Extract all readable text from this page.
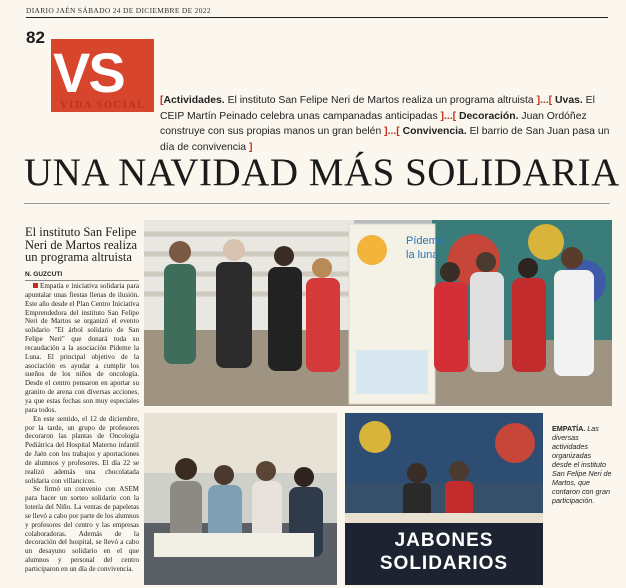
DIARIO JAÉN SÁBADO 24 DE DICIEMBRE DE 2022
82
VS
VIDA SOCIAL	[Actividades. El instituto San Felipe Neri de Martos realiza un programa altruista ]...[ Uvas. El CEIP Martín Peinado celebra unas campanadas anticipadas ]...[ Decoración. Juan Ordóñez construye con sus propias manos un gran belén ]...[ Convivencia. El barrio de San Juan pasa un día de convivencia ]
UNA NAVIDAD MÁS SOLIDARIA
El instituto San Felipe Neri de Martos realiza un programa altruista
N. GUZCUTI

Empatía e iniciativa solidaria para apuntalar unas fiestas llenas de ilusión. Este año desde el Plan Centro Iniciativa Emprendedora del instituto San Felipe Neri de Martos se organizó el evento solidario "El árbol solidario de San Felipe Neri" que donará toda su recaudación a la asociación Pídeme la Luna. El principal objetivo de la asociación es ayudar a cumplir los sueños de los niños de oncología. Desde el centro pensaron en aportar su granito de arena con diversas acciones, ya que estas fechas son muy especiales para todos.

En este sentido, el 12 de diciembre, por la tarde, un grupo de profesores decoraron las plantas de Oncología Pediátrica del Hospital Materno infantil de Jaén con los trabajos y aportaciones de alumnos y profesores. El día 22 se realizó además una chocolatada solidaria con villancicos.

Se firmó un convenio con ASEM para hacer un sorteo solidario con la lotería del Niño. La ventas de papeletas se llevó a cabo por parte de los alumnos y profesores del centro y las empresas colaboradoras. Además de la decoración del hospital, se llevó a cabo un desayuno solidario en el que alumnos y personal del centro participaron en un día de convivencia.

Pídeme
la luna
JABONES
SOLIDARIOS
EMPATÍA. Las diversas actividades organizadas desde el instituto San Felipe Neri de Martos, que contaron con gran participación.
